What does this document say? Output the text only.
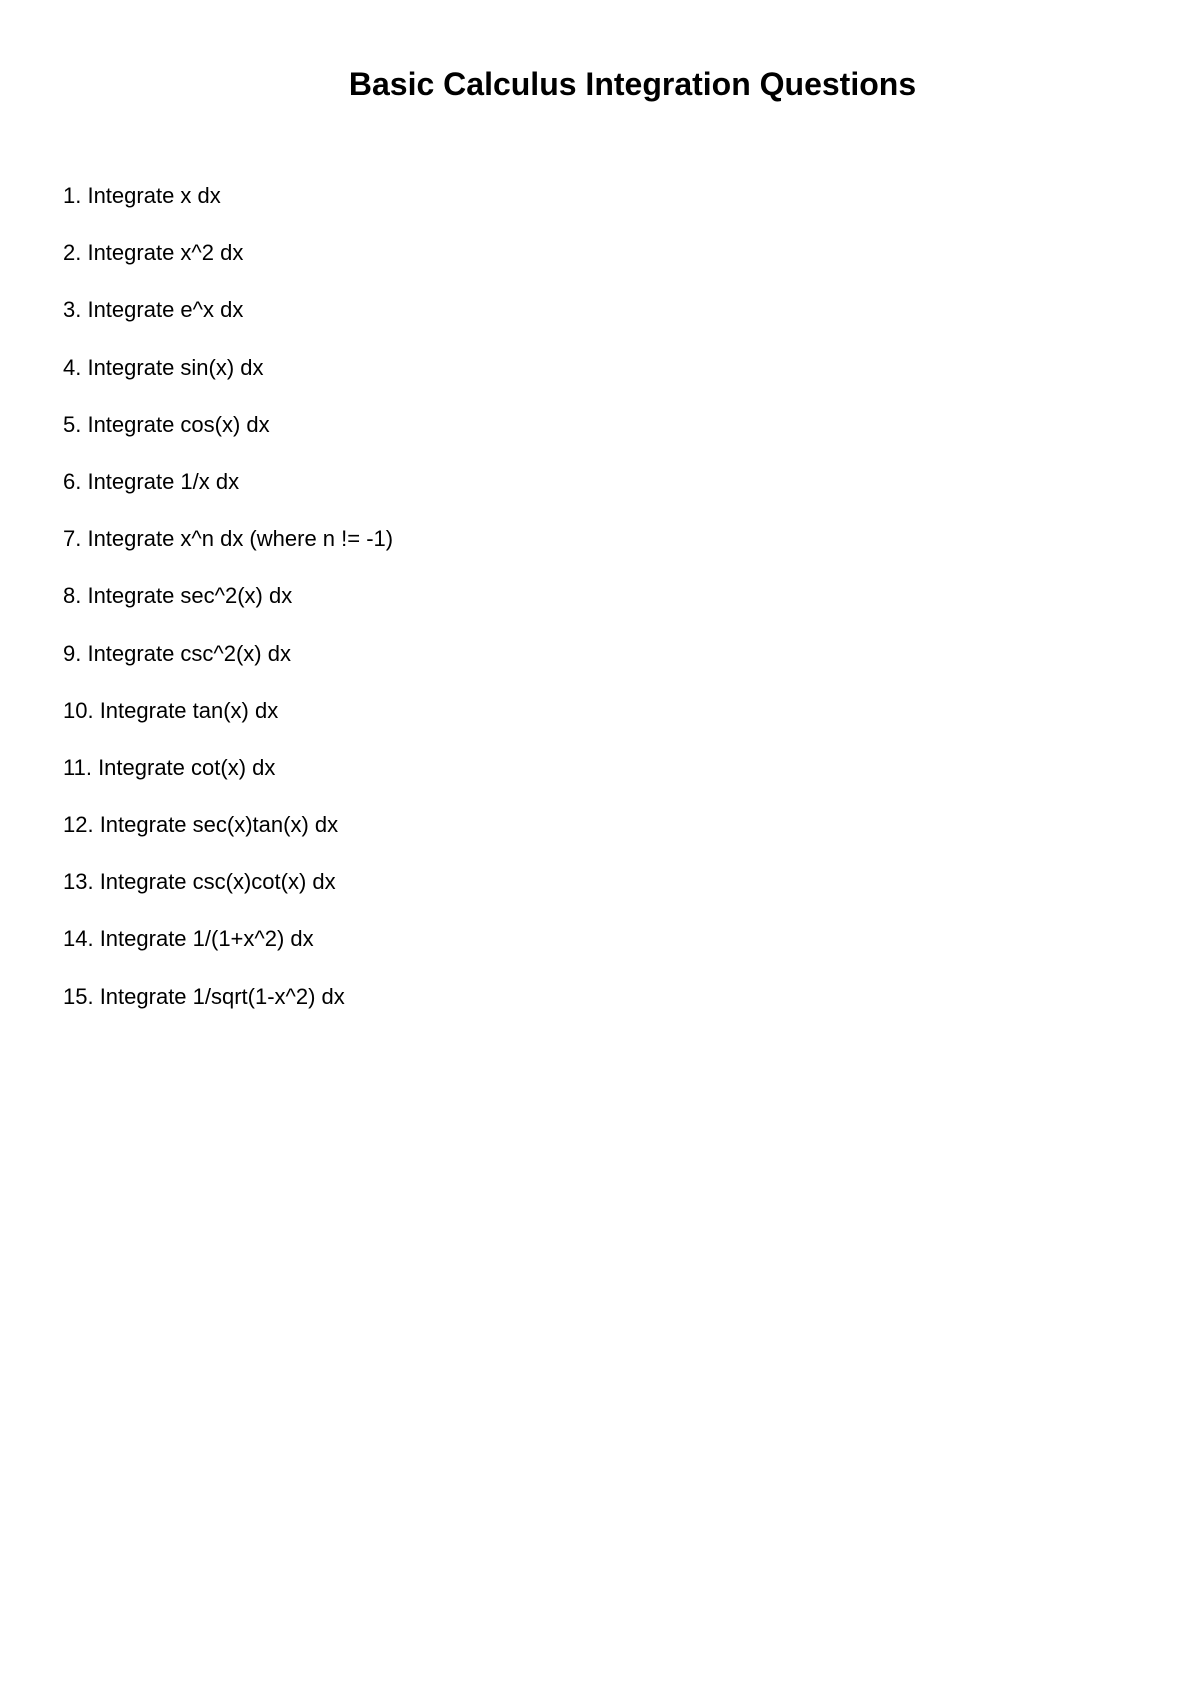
Basic Calculus Integration Questions
1. Integrate x dx
2. Integrate x^2 dx
3. Integrate e^x dx
4. Integrate sin(x) dx
5. Integrate cos(x) dx
6. Integrate 1/x dx
7. Integrate x^n dx (where n != -1)
8. Integrate sec^2(x) dx
9. Integrate csc^2(x) dx
10. Integrate tan(x) dx
11. Integrate cot(x) dx
12. Integrate sec(x)tan(x) dx
13. Integrate csc(x)cot(x) dx
14. Integrate 1/(1+x^2) dx
15. Integrate 1/sqrt(1-x^2) dx
